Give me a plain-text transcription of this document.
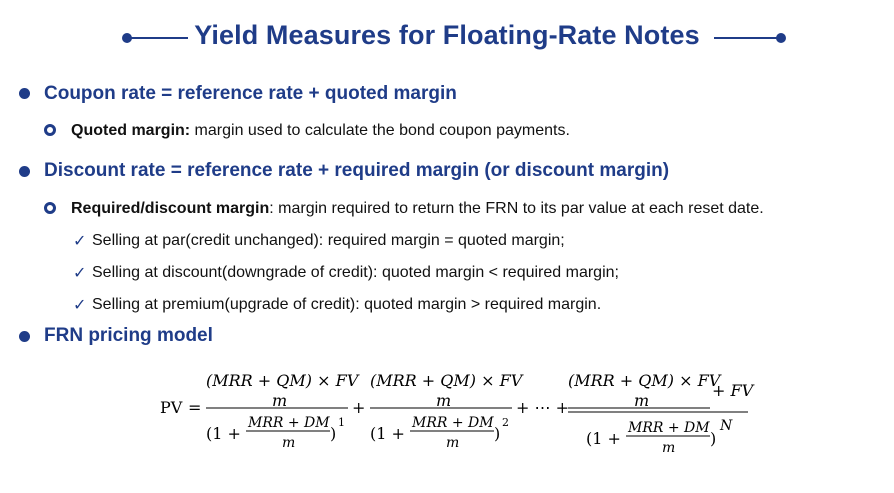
Yield Measures for Floating-Rate Notes
Coupon rate = reference rate + quoted margin
Quoted margin: margin used to calculate the bond coupon payments.
Discount rate = reference rate + required margin (or discount margin)
Required/discount margin: margin required to return the FRN to its par value at each reset date.
✓ Selling at par(credit unchanged): required margin = quoted margin;
✓ Selling at discount(downgrade of credit): quoted margin < required margin;
✓ Selling at premium(upgrade of credit): quoted margin > required margin.
FRN pricing model
PV =
(MRR + QM) × FV
m
(1 +
MRR + DM
m )
1
+
(MRR + QM) × FV
m
(1 +
MRR + DM
m )
2
+ ⋯ +
(MRR + QM) × FV
m
+ FV
(1 +
MRR + DM
m )
N
